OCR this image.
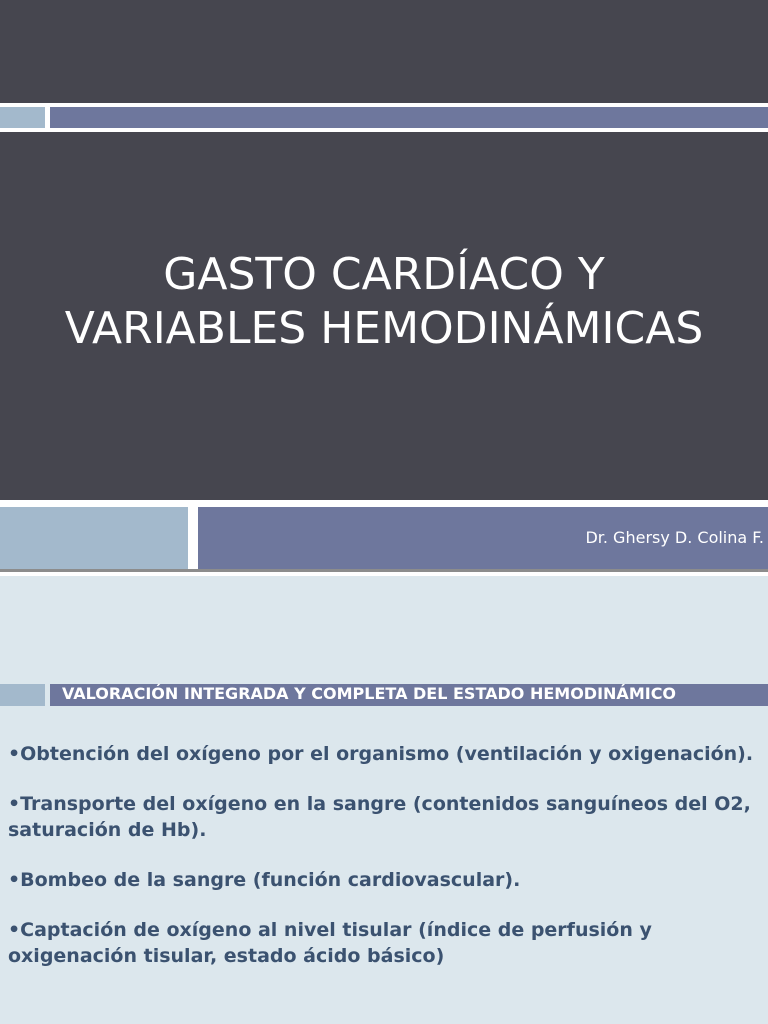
GASTO CARDÍACO Y
VARIABLES HEMODINÁMICAS
Dr. Ghersy D. Colina F.
VALORACIÓN INTEGRADA Y COMPLETA DEL ESTADO HEMODINÁMICO
•Obtención del oxígeno por el organismo (ventilación y oxigenación).
•Transporte del oxígeno en la sangre (contenidos sanguíneos del O2, saturación de Hb).
•Bombeo de la sangre (función cardiovascular).
•Captación de oxígeno al nivel tisular (índice de perfusión y oxigenación tisular, estado ácido básico)
